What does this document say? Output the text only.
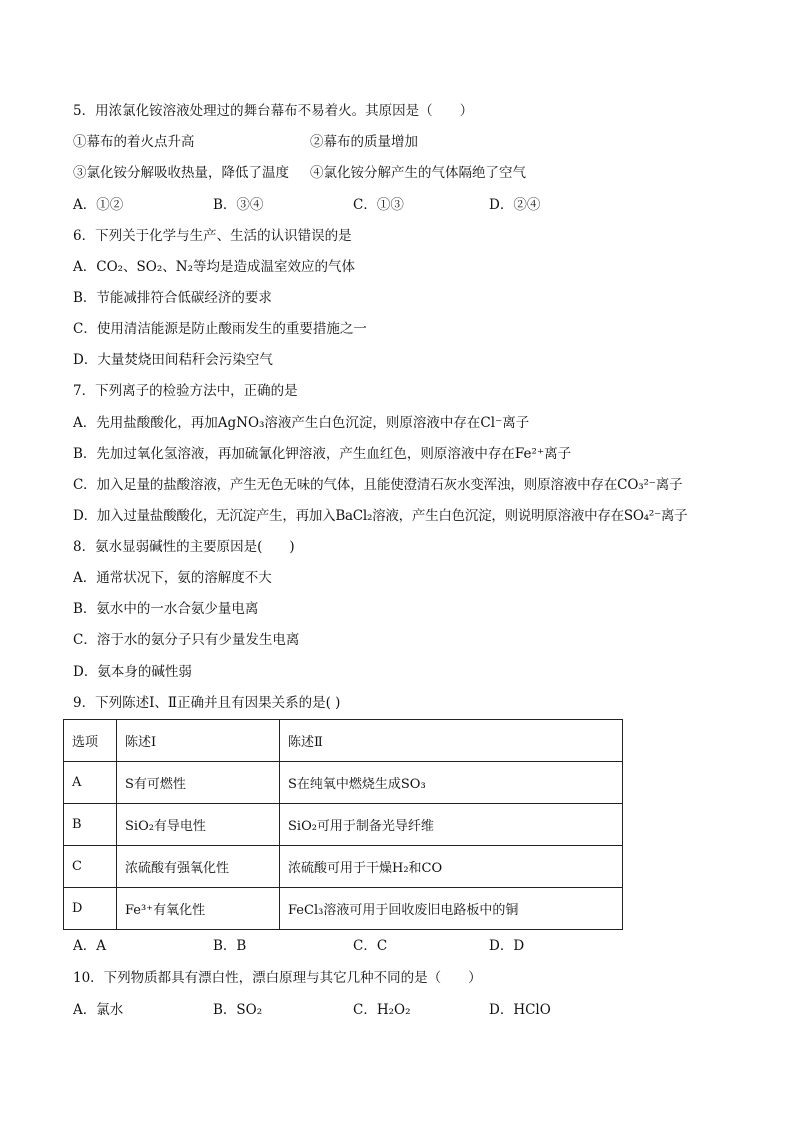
5．用浓氯化铵溶液处理过的舞台幕布不易着火。其原因是（　　）
①幕布的着火点升高	②幕布的质量增加
③氯化铵分解吸收热量，降低了温度 ④氯化铵分解产生的气体隔绝了空气
A．①②	B．③④	C．①③	D．②④
6．下列关于化学与生产、生活的认识错误的是
A．CO₂、SO₂、N₂等均是造成温室效应的气体
B．节能减排符合低碳经济的要求
C．使用清洁能源是防止酸雨发生的重要措施之一
D．大量焚烧田间秸秆会污染空气
7．下列离子的检验方法中，正确的是
A．先用盐酸酸化，再加AgNO₃溶液产生白色沉淀，则原溶液中存在Cl⁻离子
B．先加过氧化氢溶液，再加硫氰化钾溶液，产生血红色，则原溶液中存在Fe²⁺离子
C．加入足量的盐酸溶液，产生无色无味的气体，且能使澄清石灰水变浑浊，则原溶液中存在CO₃²⁻离子
D．加入过量盐酸酸化，无沉淀产生，再加入BaCl₂溶液，产生白色沉淀，则说明原溶液中存在SO₄²⁻离子
8．氨水显弱碱性的主要原因是(　　)
A．通常状况下，氨的溶解度不大
B．氨水中的一水合氨少量电离
C．溶于水的氨分子只有少量发生电离
D．氨本身的碱性弱
9．下列陈述Ⅰ、Ⅱ正确并且有因果关系的是( )
选项	陈述Ⅰ	陈述Ⅱ
A	S有可燃性	S在纯氧中燃烧生成SO₃
B	SiO₂有导电性	SiO₂可用于制备光导纤维
C	浓硫酸有强氧化性	浓硫酸可用于干燥H₂和CO
D	Fe³⁺有氧化性	FeCl₃溶液可用于回收废旧电路板中的铜
A．A	B．B	C．C	D．D
10．下列物质都具有漂白性，漂白原理与其它几种不同的是（　　）
A．氯水	B．SO₂	C．H₂O₂	D．HClO
